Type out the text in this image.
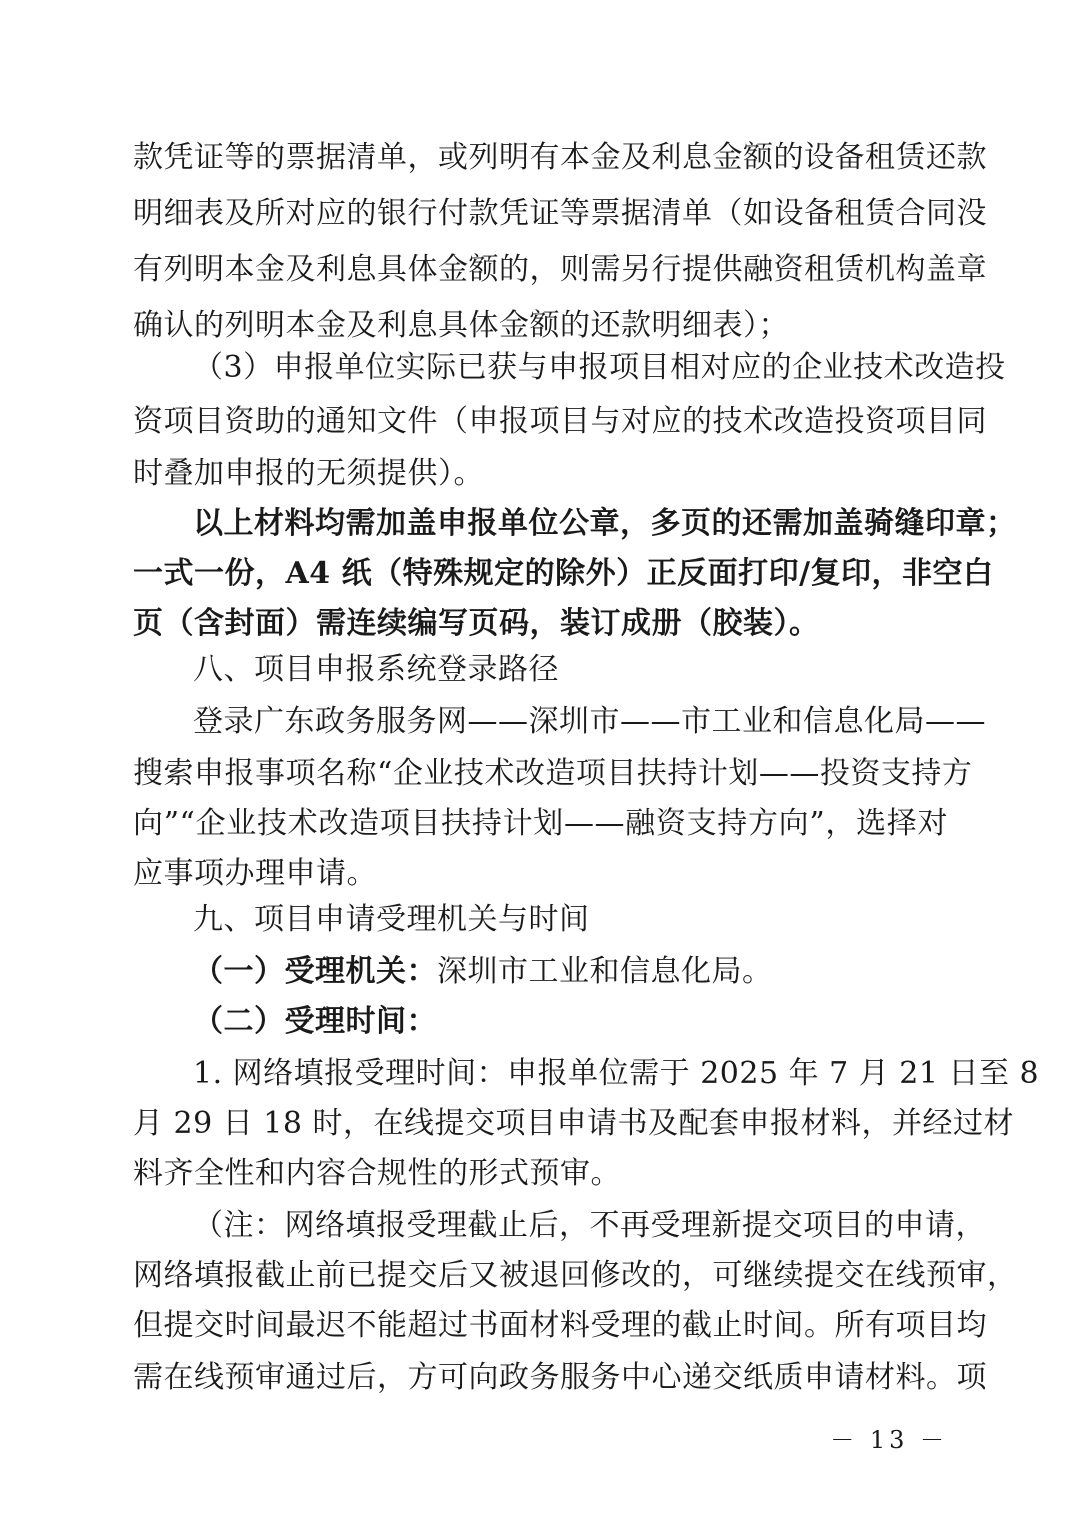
款凭证等的票据清单，或列明有本金及利息金额的设备租赁还款
明细表及所对应的银行付款凭证等票据清单（如设备租赁合同没
有列明本金及利息具体金额的，则需另行提供融资租赁机构盖章
确认的列明本金及利息具体金额的还款明细表）；
（3）申报单位实际已获与申报项目相对应的企业技术改造投
资项目资助的通知文件（申报项目与对应的技术改造投资项目同
时叠加申报的无须提供）。
以上材料均需加盖申报单位公章，多页的还需加盖骑缝印章；
一式一份，A4 纸（特殊规定的除外）正反面打印/复印，非空白
页（含封面）需连续编写页码，装订成册（胶装）。
八、项目申报系统登录路径
登录广东政务服务网——深圳市——市工业和信息化局——
搜索申报事项名称“企业技术改造项目扶持计划——投资支持方
向”“企业技术改造项目扶持计划——融资支持方向”，选择对
应事项办理申请。
九、项目申请受理机关与时间
（一）受理机关：深圳市工业和信息化局。
（二）受理时间：
1. 网络填报受理时间：申报单位需于 2025 年 7 月 21 日至 8
月 29 日 18 时，在线提交项目申请书及配套申报材料，并经过材
料齐全性和内容合规性的形式预审。
（注：网络填报受理截止后，不再受理新提交项目的申请，
网络填报截止前已提交后又被退回修改的，可继续提交在线预审，
但提交时间最迟不能超过书面材料受理的截止时间。所有项目均
需在线预审通过后，方可向政务服务中心递交纸质申请材料。项
－ 13 －
